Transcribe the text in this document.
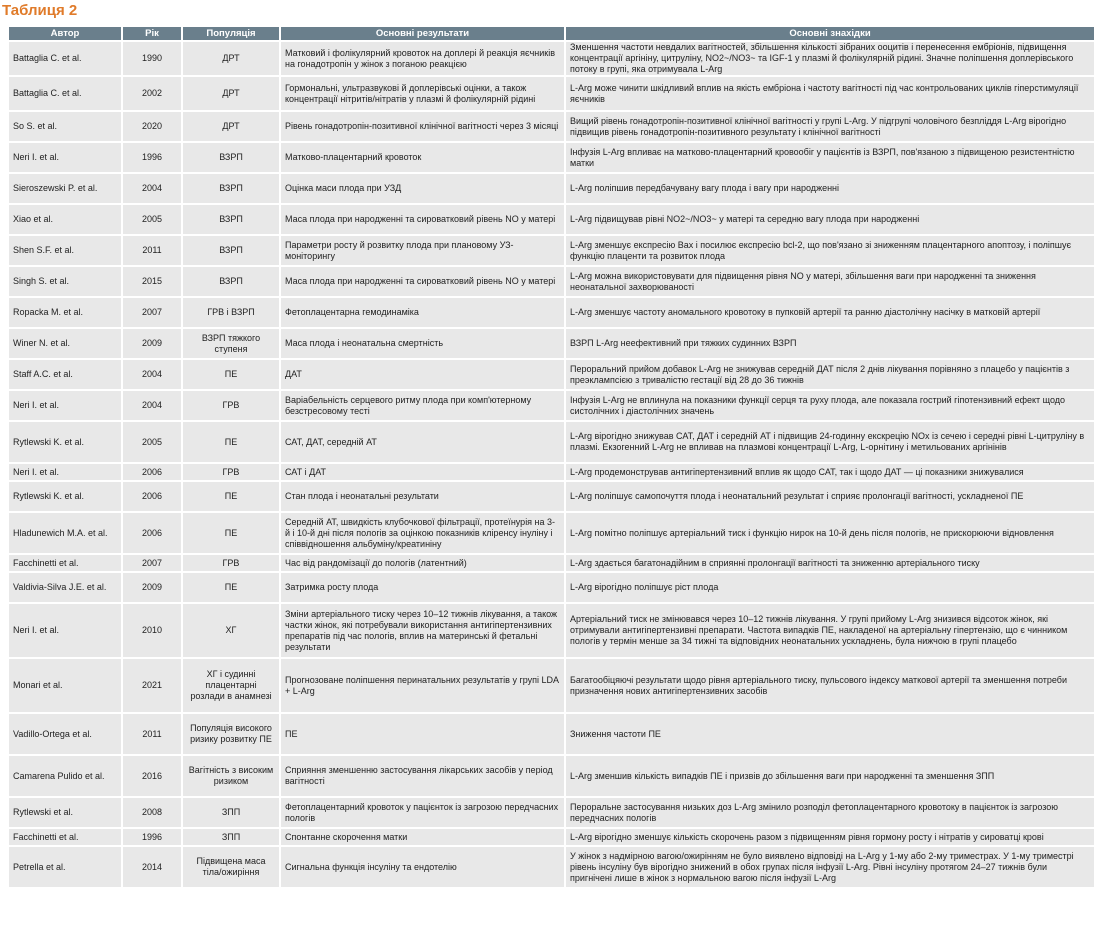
Таблиця 2
Автор	Рік	Популяція	Основні результати	Основні знахідки
Battaglia C. et al.	1990	ДРТ	Матковий і фолікулярний кровоток на доплері й реакція яєчників на гонадотропін у жінок з поганою реакцією	Зменшення частоти невдалих вагітностей, збільшення кількості зібраних ооцитів і перенесення ембріонів, підвищення концентрації аргініну, цитруліну, NO2~/NO3~ та IGF-1 у плазмі й фолікулярній рідині. Значне поліпшення доплерівського потоку в групі, яка отримувала L-Arg
Battaglia C. et al.	2002	ДРТ	Гормональні, ультразвукові й доплерівські оцінки, а також концентрації нітритів/нітратів у плазмі й фолікулярній рідині	L-Arg може чинити шкідливий вплив на якість ембріона і частоту вагітності під час контрольованих циклів гіперстимуляції яєчників
So S. et al.	2020	ДРТ	Рівень гонадотропін-позитивної клінічної вагітності через 3 місяці	Вищий рівень гонадотропін-позитивної клінічної вагітності у групі L-Arg. У підгрупі чоловічого безпліддя L-Arg вірогідно підвищив рівень гонадотропін-позитивного результату і клінічної вагітності
Neri I. et al.	1996	ВЗРП	Матково-плацентарний кровоток	Інфузія L-Arg впливає на матково-плацентарний кровообіг у пацієнтів із ВЗРП, пов'язаною з підвищеною резистентністю матки
Sieroszewski P. et al.	2004	ВЗРП	Оцінка маси плода при УЗД	L-Arg поліпшив передбачувану вагу плода і вагу при народженні
Xiao et al.	2005	ВЗРП	Маса плода при народженні та сироватковий рівень NO у матері	L-Arg підвищував рівні NO2~/NO3~ у матері та середню вагу плода при народженні
Shen S.F. et al.	2011	ВЗРП	Параметри росту й розвитку плода при плановому УЗ-моніторингу	L-Arg зменшує експресію Bax і посилює експресію bcl-2, що пов'язано зі зниженням плацентарного апоптозу, і поліпшує функцію плаценти та розвиток плода
Singh S. et al.	2015	ВЗРП	Маса плода при народженні та сироватковий рівень NO у матері	L-Arg можна використовувати для підвищення рівня NO у матері, збільшення ваги при народженні та зниження неонатальної захворюваності
Ropacka M. et al.	2007	ГРВ і ВЗРП	Фетоплацентарна гемодинаміка	L-Arg зменшує частоту аномального кровотоку в пупковій артерії та ранню діастолічну насічку в матковій артерії
Winer N. et al.	2009	ВЗРП тяжкого ступеня	Маса плода і неонатальна смертність	ВЗРП L-Arg неефективний при тяжких судинних ВЗРП
Staff A.C. et al.	2004	ПЕ	ДАТ	Пероральний прийом добавок L-Arg не знижував середній ДАТ після 2 днів лікування порівняно з плацебо у пацієнтів з преэклампсією з тривалістю гестації від 28 до 36 тижнів
Neri I. et al.	2004	ГРВ	Варіабельність серцевого ритму плода при комп'ютерному безстресовому тесті	Інфузія L-Arg не вплинула на показники функції серця та руху плода, але показала гострий гіпотензивний ефект щодо систолічних і діастолічних значень
Rytlewski K. et al.	2005	ПЕ	САТ, ДАТ, середній АТ	L-Arg вірогідно знижував САТ, ДАТ і середній АТ і підвищив 24-годинну екскрецію NOx із сечею і середні рівні L-цитруліну в плазмі. Екзогенний L-Arg не впливав на плазмові концентрації L-Arg, L-орнітину і метильованих аргінінів
Neri I. et al.	2006	ГРВ	САТ і ДАТ	L-Arg продемонстрував антигіпертензивний вплив як щодо САТ, так і щодо ДАТ — ці показники знижувалися
Rytlewski K. et al.	2006	ПЕ	Стан плода і неонатальні результати	L-Arg поліпшує самопочуття плода і неонатальний результат і сприяє пролонгації вагітності, ускладненої ПЕ
Hladunewich M.A. et al.	2006	ПЕ	Середній АТ, швидкість клубочкової фільтрації, протеїнурія на 3-й і 10-й дні після пологів за оцінкою показників кліренсу інуліну і співвідношення альбуміну/креатиніну	L-Arg помітно поліпшує артеріальний тиск і функцію нирок на 10-й день після пологів, не прискорюючи відновлення
Facchinetti et al.	2007	ГРВ	Час від рандомізації до пологів (латентний)	L-Arg здається багатонадійним в сприянні пролонгації вагітності та зниженню артеріального тиску
Valdivia-Silva J.E. et al.	2009	ПЕ	Затримка росту плода	L-Arg вірогідно поліпшує ріст плода
Neri I. et al.	2010	ХГ	Зміни артеріального тиску через 10–12 тижнів лікування, а також частки жінок, які потребували використання антигіпертензивних препаратів під час пологів, вплив на материнські й фетальні результати	Артеріальний тиск не змінювався через 10–12 тижнів лікування. У групі прийому L-Arg знизився відсоток жінок, які отримували антигіпертензивні препарати. Частота випадків ПЕ, накладеної на артеріальну гіпертензію, що є чинником пологів у термін менше за 34 тижні та відповідних неонатальних ускладнень, була нижчою в групі плацебо
Monari et al.	2021	ХГ і судинні плацентарні розлади в анамнезі	Прогнозоване поліпшення перинатальних результатів у групі LDA + L-Arg	Багатообіцяючі результати щодо рівня артеріального тиску, пульсового індексу маткової артерії та зменшення потреби призначення нових антигіпертензивних засобів
Vadillo-Ortega et al.	2011	Популяція високого ризику розвитку ПЕ	ПЕ	Зниження частоти ПЕ
Camarena Pulido et al.	2016	Вагітність з високим ризиком	Сприяння зменшенню застосування лікарських засобів у період вагітності	L-Arg зменшив кількість випадків ПЕ і призвів до збільшення ваги при народженні та зменшення ЗПП
Rytlewski et al.	2008	ЗПП	Фетоплацентарний кровоток у пацієнток із загрозою передчасних пологів	Пероральне застосування низьких доз L-Arg змінило розподіл фетоплацентарного кровотоку в пацієнток із загрозою передчасних пологів
Facchinetti et al.	1996	ЗПП	Спонтанне скорочення матки	L-Arg вірогідно зменшує кількість скорочень разом з підвищенням рівня гормону росту і нітратів у сироватці крові
Petrella et al.	2014	Підвищена маса тіла/ожиріння	Сигнальна функція інсуліну та ендотелію	У жінок з надмірною вагою/ожирінням не було виявлено відповіді на L-Arg у 1-му або 2-му триместрах. У 1-му триместрі рівень інсуліну був вірогідно знижений в обох групах після інфузії L-Arg. Рівні інсуліну протягом 24–27 тижнів були пригнічені лише в жінок з нормальною вагою після інфузії L-Arg
